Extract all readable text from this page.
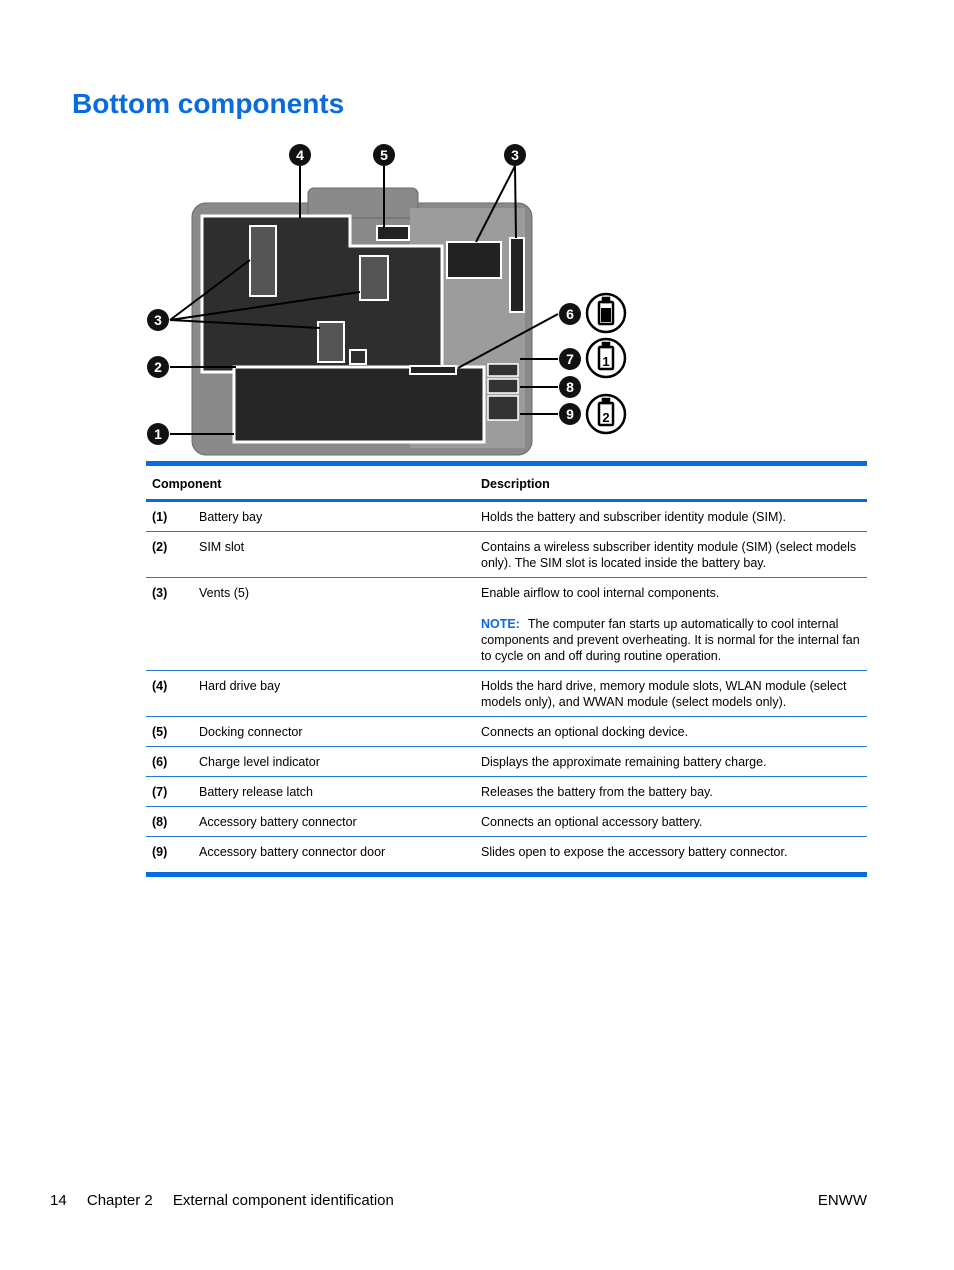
Bottom components
4	5	3
3
2
1
6
7
8
9
1
2
Component		Description
(1)	Battery bay	Holds the battery and subscriber identity module (SIM).
(2)	SIM slot	Contains a wireless subscriber identity module (SIM) (select models only). The SIM slot is located inside the battery bay.
(3)	Vents (5)	Enable airflow to cool internal components.
NOTE: The computer fan starts up automatically to cool internal components and prevent overheating. It is normal for the internal fan to cycle on and off during routine operation.

(4)	Hard drive bay	Holds the hard drive, memory module slots, WLAN module (select models only), and WWAN module (select models only).
(5)	Docking connector	Connects an optional docking device.
(6)	Charge level indicator	Displays the approximate remaining battery charge.
(7)	Battery release latch	Releases the battery from the battery bay.
(8)	Accessory battery connector	Connects an optional accessory battery.
(9)	Accessory battery connector door	Slides open to expose the accessory battery connector.
14 Chapter 2 External component identification	ENWW
